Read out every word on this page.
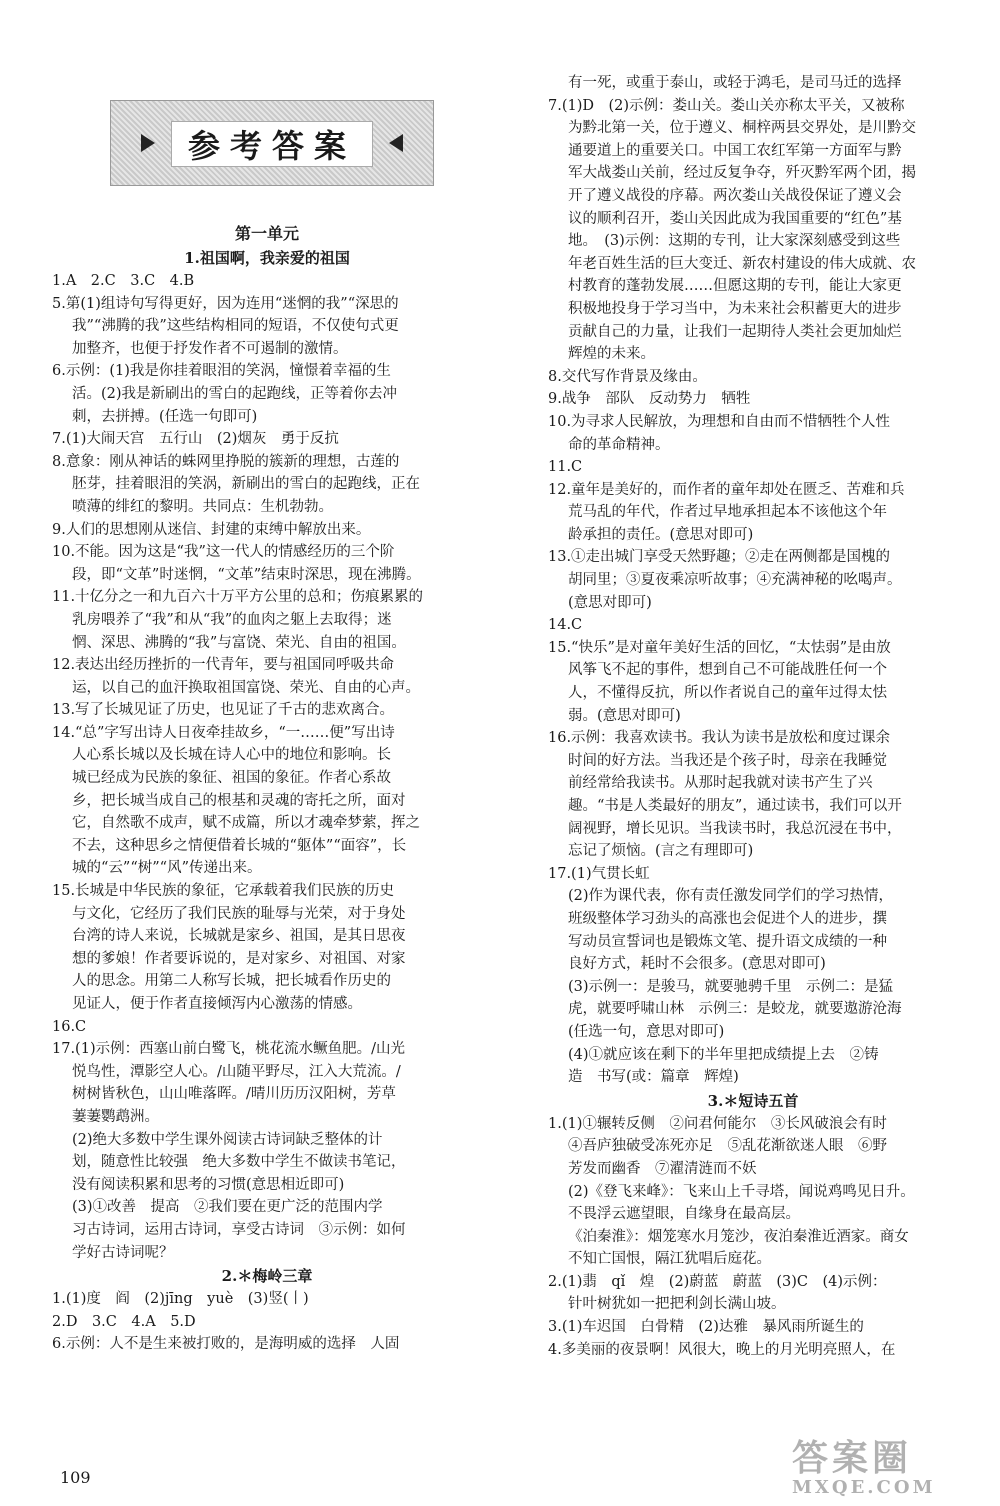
参考答案
第一单元
1.祖国啊，我亲爱的祖国
1.A　2.C　3.C　4.B
5.第(1)组诗句写得更好，因为连用“迷惘的我”“深思的
我”“沸腾的我”这些结构相同的短语，不仅使句式更
加整齐，也便于抒发作者不可遏制的激情。
6.示例：(1)我是你挂着眼泪的笑涡，憧憬着幸福的生
活。(2)我是新刷出的雪白的起跑线，正等着你去冲
刺，去拼搏。(任选一句即可)
7.(1)大闹天宫　五行山　(2)烟灰　勇于反抗
8.意象：刚从神话的蛛网里挣脱的簇新的理想，古莲的
胚芽，挂着眼泪的笑涡，新刷出的雪白的起跑线，正在
喷薄的绯红的黎明。共同点：生机勃勃。
9.人们的思想刚从迷信、封建的束缚中解放出来。
10.不能。因为这是“我”这一代人的情感经历的三个阶
段，即“文革”时迷惘，“文革”结束时深思，现在沸腾。
11.十亿分之一和九百六十万平方公里的总和；伤痕累累的
乳房喂养了“我”和从“我”的血肉之躯上去取得；迷
惘、深思、沸腾的“我”与富饶、荣光、自由的祖国。
12.表达出经历挫折的一代青年，要与祖国同呼吸共命
运，以自己的血汗换取祖国富饶、荣光、自由的心声。
13.写了长城见证了历史，也见证了千古的悲欢离合。
14.“总”字写出诗人日夜牵挂故乡，“一……便”写出诗
人心系长城以及长城在诗人心中的地位和影响。长
城已经成为民族的象征、祖国的象征。作者心系故
乡，把长城当成自己的根基和灵魂的寄托之所，面对
它，自然歌不成声，赋不成篇，所以才魂牵梦萦，挥之
不去，这种思乡之情便借着长城的“躯体”“面容”，长
城的“云”“树”“风”传递出来。
15.长城是中华民族的象征，它承载着我们民族的历史
与文化，它经历了我们民族的耻辱与光荣，对于身处
台湾的诗人来说，长城就是家乡、祖国，是其日思夜
想的爹娘！作者要诉说的，是对家乡、对祖国、对家
人的思念。用第二人称写长城，把长城看作历史的
见证人，便于作者直接倾泻内心激荡的情感。
16.C
17.(1)示例：西塞山前白鹭飞，桃花流水鳜鱼肥。/山光
悦鸟性，潭影空人心。/山随平野尽，江入大荒流。/
树树皆秋色，山山唯落晖。/晴川历历汉阳树，芳草
萋萋鹦鹉洲。
(2)绝大多数中学生课外阅读古诗词缺乏整体的计
划，随意性比较强　绝大多数中学生不做读书笔记，
没有阅读积累和思考的习惯(意思相近即可)
(3)①改善　提高　②我们要在更广泛的范围内学
习古诗词，运用古诗词，享受古诗词　③示例：如何
学好古诗词呢？
2.＊梅岭三章
1.(1)度　阎　(2)jīng　yuè　(3)竖(丨)
2.D　3.C　4.A　5.D
6.示例：人不是生来被打败的，是海明威的选择　人固
有一死，或重于泰山，或轻于鸿毛，是司马迁的选择
7.(1)D　(2)示例：娄山关。娄山关亦称太平关，又被称
为黔北第一关，位于遵义、桐梓两县交界处，是川黔交
通要道上的重要关口。中国工农红军第一方面军与黔
军大战娄山关前，经过反复争夺，歼灭黔军两个团，揭
开了遵义战役的序幕。两次娄山关战役保证了遵义会
议的顺利召开，娄山关因此成为我国重要的“红色”基
地。　(3)示例：这期的专刊，让大家深刻感受到这些
年老百姓生活的巨大变迁、新农村建设的伟大成就、农
村教育的蓬勃发展……但愿这期的专刊，能让大家更
积极地投身于学习当中，为未来社会积蓄更大的进步
贡献自己的力量，让我们一起期待人类社会更加灿烂
辉煌的未来。
8.交代写作背景及缘由。
9.战争　部队　反动势力　牺牲
10.为寻求人民解放，为理想和自由而不惜牺牲个人性
命的革命精神。
11.C
12.童年是美好的，而作者的童年却处在匮乏、苦难和兵
荒马乱的年代，作者过早地承担起本不该他这个年
龄承担的责任。(意思对即可)
13.①走出城门享受天然野趣；②走在两侧都是国槐的
胡同里；③夏夜乘凉听故事；④充满神秘的吆喝声。
(意思对即可)
14.C
15.“快乐”是对童年美好生活的回忆，“太怯弱”是由放
风筝飞不起的事件，想到自己不可能战胜任何一个
人，不懂得反抗，所以作者说自己的童年过得太怯
弱。(意思对即可)
16.示例：我喜欢读书。我认为读书是放松和度过课余
时间的好方法。当我还是个孩子时，母亲在我睡觉
前经常给我读书。从那时起我就对读书产生了兴
趣。“书是人类最好的朋友”，通过读书，我们可以开
阔视野，增长见识。当我读书时，我总沉浸在书中，
忘记了烦恼。(言之有理即可)
17.(1)气贯长虹
(2)作为课代表，你有责任激发同学们的学习热情，
班级整体学习劲头的高涨也会促进个人的进步，撰
写动员宣誓词也是锻炼文笔、提升语文成绩的一种
良好方式，耗时不会很多。(意思对即可)
(3)示例一：是骏马，就要驰骋千里　示例二：是猛
虎，就要呼啸山林　示例三：是蛟龙，就要遨游沧海
(任选一句，意思对即可)
(4)①就应该在剩下的半年里把成绩提上去　②铸
造　书写(或：篇章　辉煌)
3.＊短诗五首
1.(1)①辗转反侧　②问君何能尔　③长风破浪会有时
④吾庐独破受冻死亦足　⑤乱花渐欲迷人眼　⑥野
芳发而幽香　⑦濯清涟而不妖
(2)《登飞来峰》：飞来山上千寻塔，闻说鸡鸣见日升。
不畏浮云遮望眼，自缘身在最高层。
《泊秦淮》：烟笼寒水月笼沙，夜泊秦淮近酒家。商女
不知亡国恨，隔江犹唱后庭花。
2.(1)翡　qǐ　煌　(2)蔚蓝　蔚蓝　(3)C　(4)示例：
针叶树犹如一把把利剑长满山坡。
3.(1)车迟国　白骨精　(2)达雅　暴风雨所诞生的
4.多美丽的夜景啊！风很大，晚上的月光明亮照人，在
109	答案圈
MXQE.COM
